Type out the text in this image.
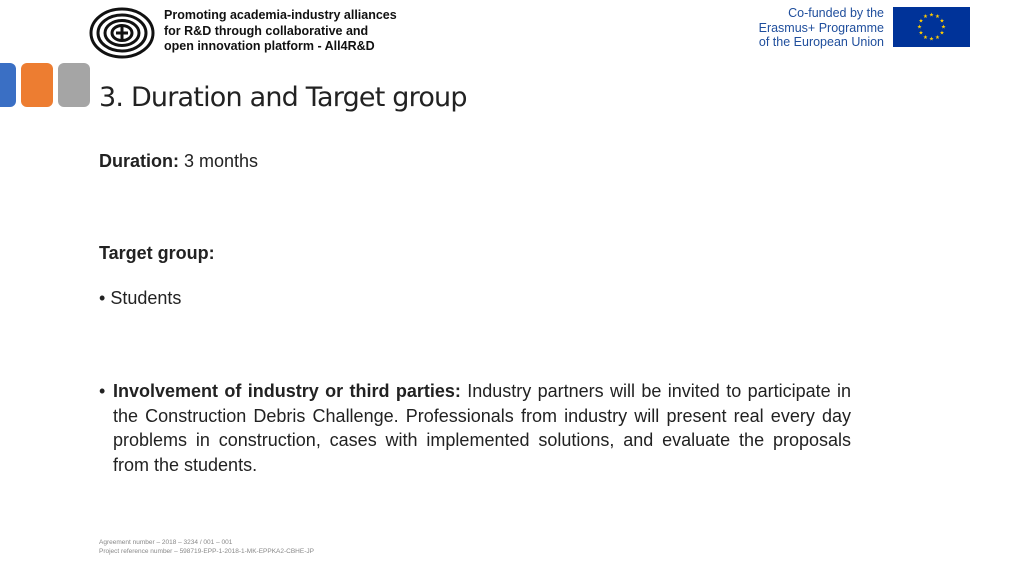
Promoting academia-industry alliances
for R&D through collaborative and
open innovation platform - All4R&D
Co-funded by the
Erasmus+ Programme
of the European Union
★ ★
★
★
★
★
★
★
★
★
★
★
3. Duration and Target group
Duration: 3 months
Target group:
• Students
• Involvement of industry or third parties: Industry partners will be invited to participate in the Construction Debris Challenge. Professionals from industry will present real every day problems in construction, cases with implemented solutions, and evaluate the proposals from the students.
Agreement number – 2018 – 3234 / 001 – 001
Project reference number – 598719-EPP-1-2018-1-MK-EPPKA2-CBHE-JP
